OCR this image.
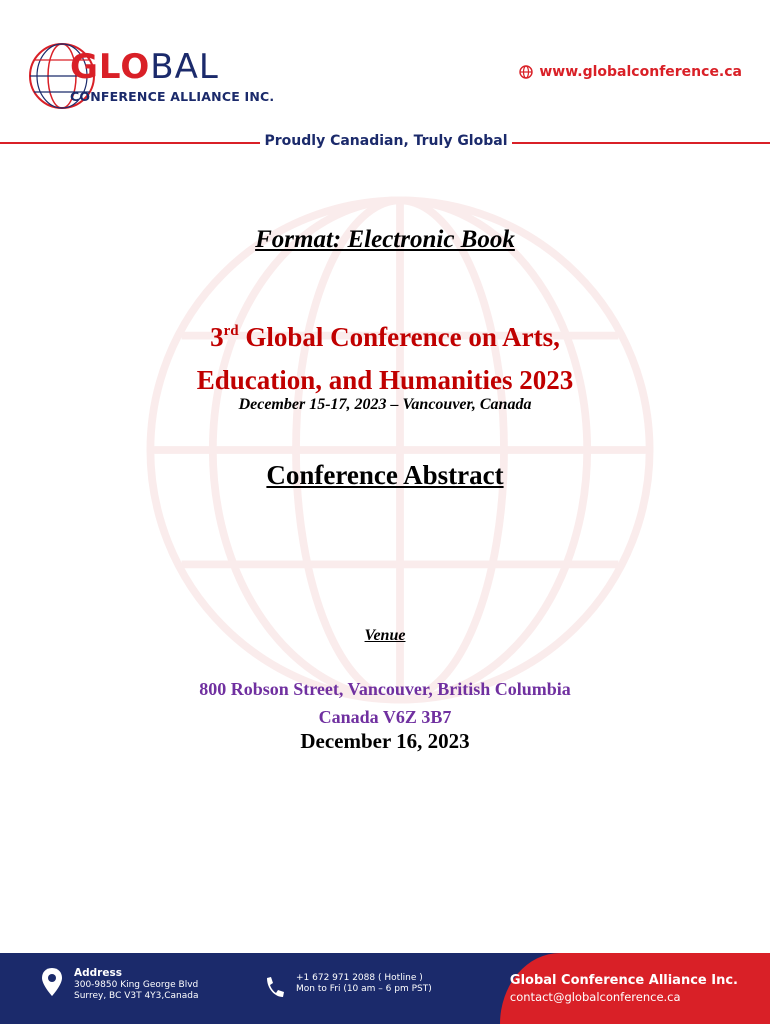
GLOBAL
CONFERENCE ALLIANCE INC.
www.globalconference.ca
Proudly Canadian, Truly Global
Format: Electronic Book
3rd Global Conference on Arts,
Education, and Humanities 2023
December 15-17, 2023 – Vancouver, Canada
Conference Abstract
Venue
800 Robson Street, Vancouver, British Columbia
Canada V6Z 3B7
December 16, 2023
Address
300-9850 King George Blvd
Surrey, BC V3T 4Y3,Canada
+1 672 971 2088 ( Hotline )
Mon to Fri (10 am – 6 pm PST)
Global Conference Alliance Inc.
contact@globalconference.ca
